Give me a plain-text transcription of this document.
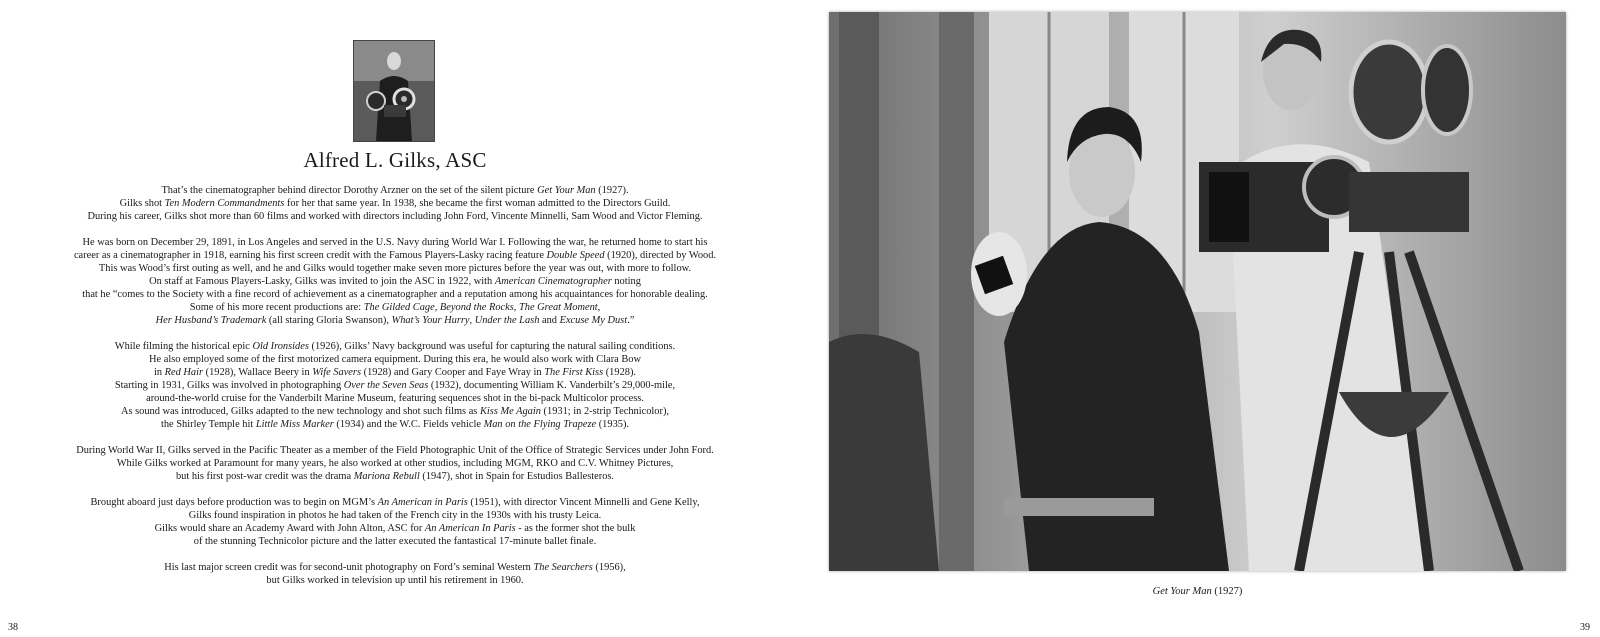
Alfred L. Gilks, ASC

That’s the cinematographer behind director Dorothy Arzner on the set of the silent picture Get Your Man (1927).
Gilks shot Ten Modern Commandments for her that same year. In 1938, she became the first woman admitted to the Directors Guild.
During his career, Gilks shot more than 60 films and worked with directors including John Ford, Vincente Minnelli, Sam Wood and Victor Fleming.

He was born on December 29, 1891, in Los Angeles and served in the U.S. Navy during World War I. Following the war, he returned home to start his
career as a cinematographer in 1918, earning his first screen credit with the Famous Players-Lasky racing feature Double Speed (1920), directed by Wood.
This was Wood’s first outing as well, and he and Gilks would together make seven more pictures before the year was out, with more to follow.
On staff at Famous Players-Lasky, Gilks was invited to join the ASC in 1922, with American Cinematographer noting
that he “comes to the Society with a fine record of achievement as a cinematographer and a reputation among his acquaintances for honorable dealing.
Some of his more recent productions are: The Gilded Cage, Beyond the Rocks, The Great Moment,
Her Husband’s Trademark (all staring Gloria Swanson), What’s Your Hurry, Under the Lash and Excuse My Dust.”

While filming the historical epic Old Ironsides (1926), Gilks’ Navy background was useful for capturing the natural sailing conditions.
He also employed some of the first motorized camera equipment. During this era, he would also work with Clara Bow
in Red Hair (1928), Wallace Beery in Wife Savers (1928) and Gary Cooper and Faye Wray in The First Kiss (1928).
Starting in 1931, Gilks was involved in photographing Over the Seven Seas (1932), documenting William K. Vanderbilt’s 29,000-mile,
around-the-world cruise for the Vanderbilt Marine Museum, featuring sequences shot in the bi-pack Multicolor process.
As sound was introduced, Gilks adapted to the new technology and shot such films as Kiss Me Again (1931; in 2-strip Technicolor),
the Shirley Temple hit Little Miss Marker (1934) and the W.C. Fields vehicle Man on the Flying Trapeze (1935).

During World War II, Gilks served in the Pacific Theater as a member of the Field Photographic Unit of the Office of Strategic Services under John Ford.
While Gilks worked at Paramount for many years, he also worked at other studios, including MGM, RKO and C.V. Whitney Pictures,
but his first post-war credit was the drama Mariona Rebull (1947), shot in Spain for Estudios Ballesteros.

Brought aboard just days before production was to begin on MGM’s An American in Paris (1951), with director Vincent Minnelli and Gene Kelly,
Gilks found inspiration in photos he had taken of the French city in the 1930s with his trusty Leica.
Gilks would share an Academy Award with John Alton, ASC for An American In Paris - as the former shot the bulk
of the stunning Technicolor picture and the latter executed the fantastical 17-minute ballet finale.

His last major screen credit was for second-unit photography on Ford’s seminal Western The Searchers (1956),
but Gilks worked in television up until his retirement in 1960.

38
Get Your Man (1927)
39
